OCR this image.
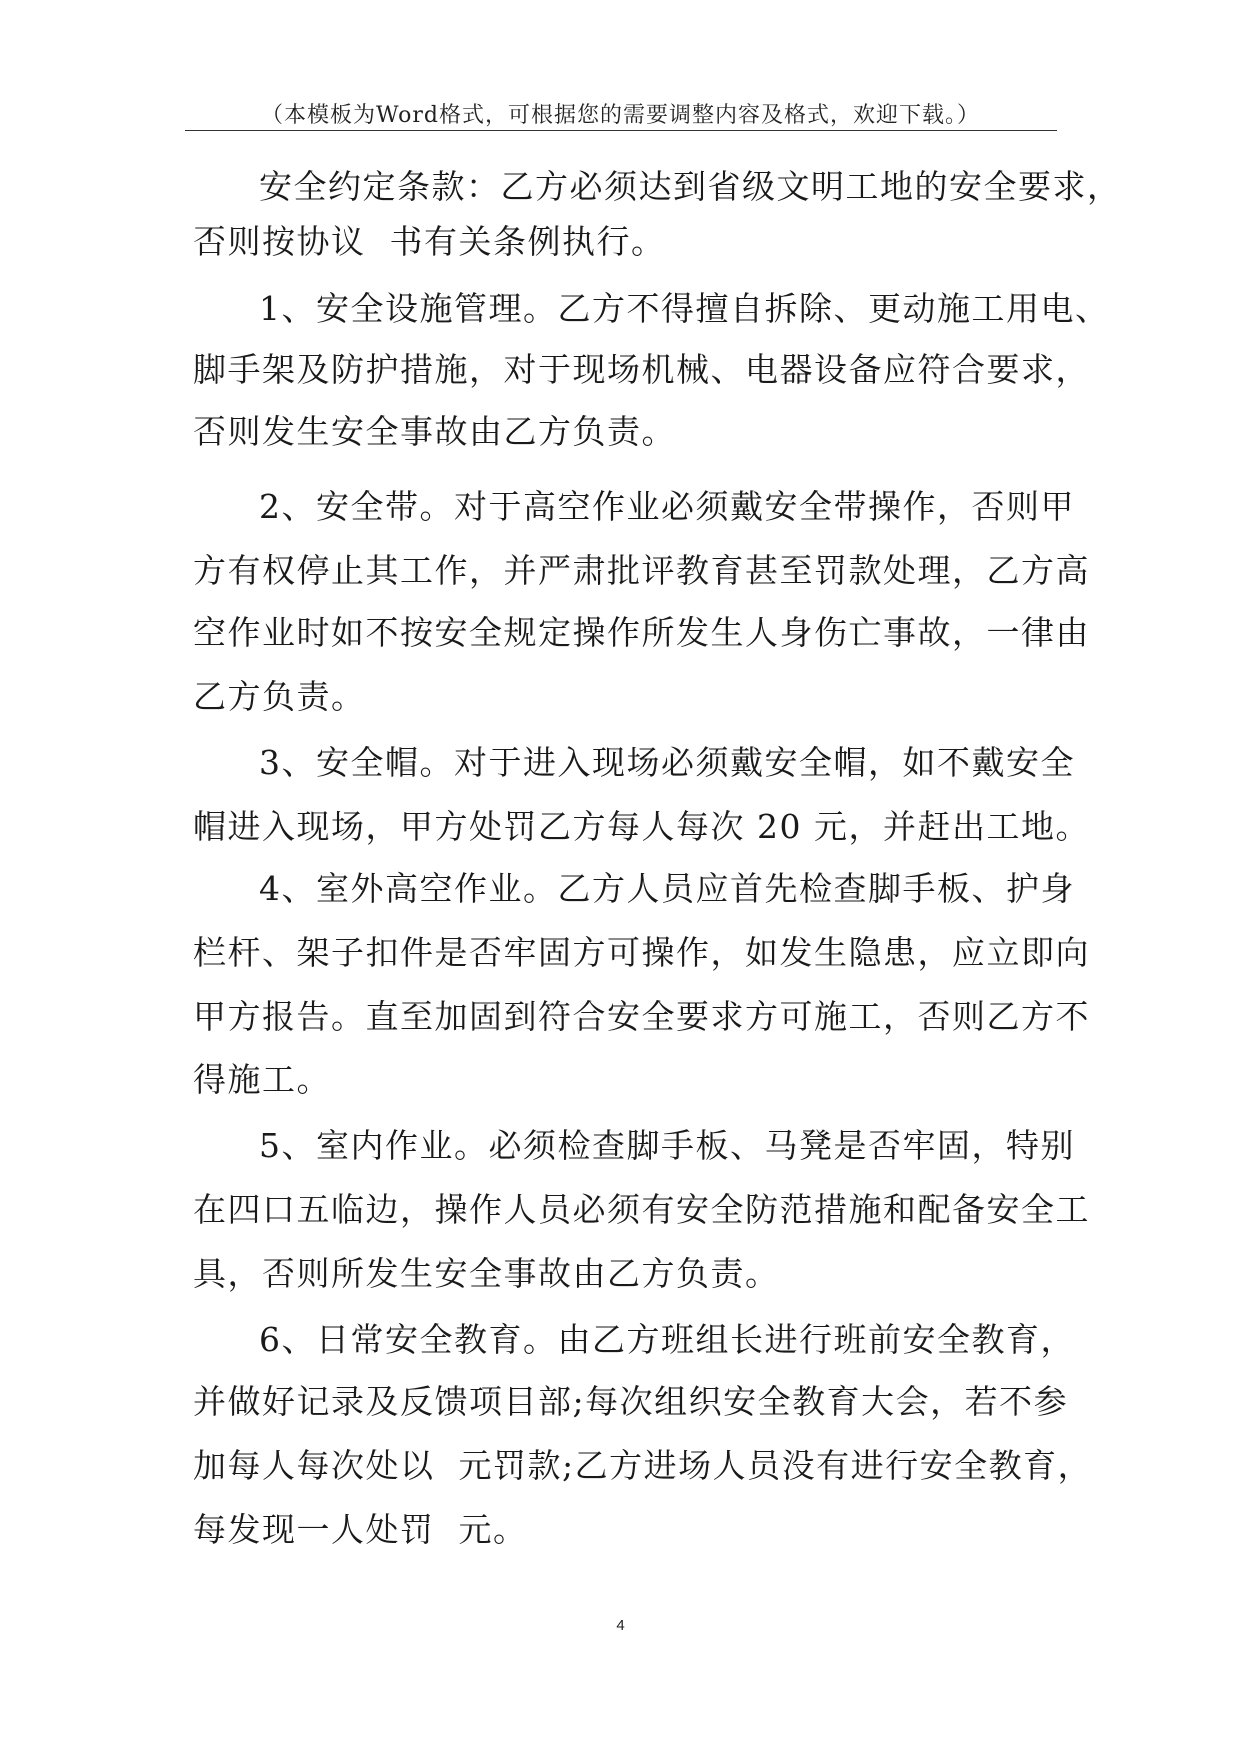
（本模板为Word格式，可根据您的需要调整内容及格式，欢迎下载。）
安全约定条款：乙方必须达到省级文明工地的安全要求，
否则按协议  书有关条例执行。
1、安全设施管理。乙方不得擅自拆除、更动施工用电、
脚手架及防护措施，对于现场机械、电器设备应符合要求，
否则发生安全事故由乙方负责。
2、安全带。对于高空作业必须戴安全带操作，否则甲
方有权停止其工作，并严肃批评教育甚至罚款处理，乙方高
空作业时如不按安全规定操作所发生人身伤亡事故，一律由
乙方负责。
3、安全帽。对于进入现场必须戴安全帽，如不戴安全
帽进入现场，甲方处罚乙方每人每次 20 元，并赶出工地。
4、室外高空作业。乙方人员应首先检查脚手板、护身
栏杆、架子扣件是否牢固方可操作，如发生隐患，应立即向
甲方报告。直至加固到符合安全要求方可施工，否则乙方不
得施工。
5、室内作业。必须检查脚手板、马凳是否牢固，特别
在四口五临边，操作人员必须有安全防范措施和配备安全工
具，否则所发生安全事故由乙方负责。
6、日常安全教育。由乙方班组长进行班前安全教育，
并做好记录及反馈项目部;每次组织安全教育大会，若不参
加每人每次处以  元罚款;乙方进场人员没有进行安全教育，
每发现一人处罚  元。
4
